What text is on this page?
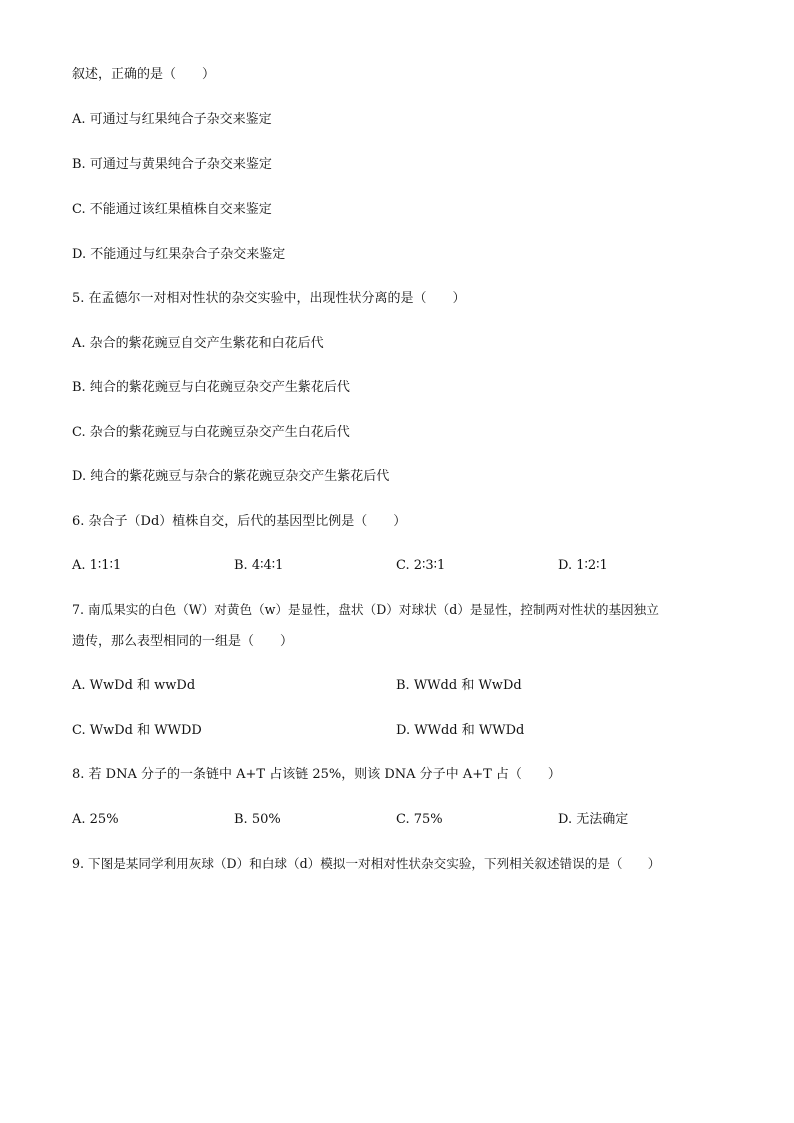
叙述，正确的是（　　）
A. 可通过与红果纯合子杂交来鉴定
B. 可通过与黄果纯合子杂交来鉴定
C. 不能通过该红果植株自交来鉴定
D. 不能通过与红果杂合子杂交来鉴定
5. 在孟德尔一对相对性状的杂交实验中，出现性状分离的是（　　）
A. 杂合的紫花豌豆自交产生紫花和白花后代
B. 纯合的紫花豌豆与白花豌豆杂交产生紫花后代
C. 杂合的紫花豌豆与白花豌豆杂交产生白花后代
D. 纯合的紫花豌豆与杂合的紫花豌豆杂交产生紫花后代
6. 杂合子（Dd）植株自交，后代的基因型比例是（　　）
A. 1∶1∶1	B. 4∶4∶1	C. 2∶3∶1	D. 1∶2∶1
7. 南瓜果实的白色（W）对黄色（w）是显性，盘状（D）对球状（d）是显性，控制两对性状的基因独立
遗传，那么表型相同的一组是（　　）
A. WwDd 和 wwDd	B. WWdd 和 WwDd
C. WwDd 和 WWDD	D. WWdd 和 WWDd
8. 若 DNA 分子的一条链中 A+T 占该链 25%，则该 DNA 分子中 A+T 占（　　）
A. 25%	B. 50%	C. 75%	D. 无法确定
9. 下图是某同学利用灰球（D）和白球（d）模拟一对相对性状杂交实验，下列相关叙述错误的是（　　）
